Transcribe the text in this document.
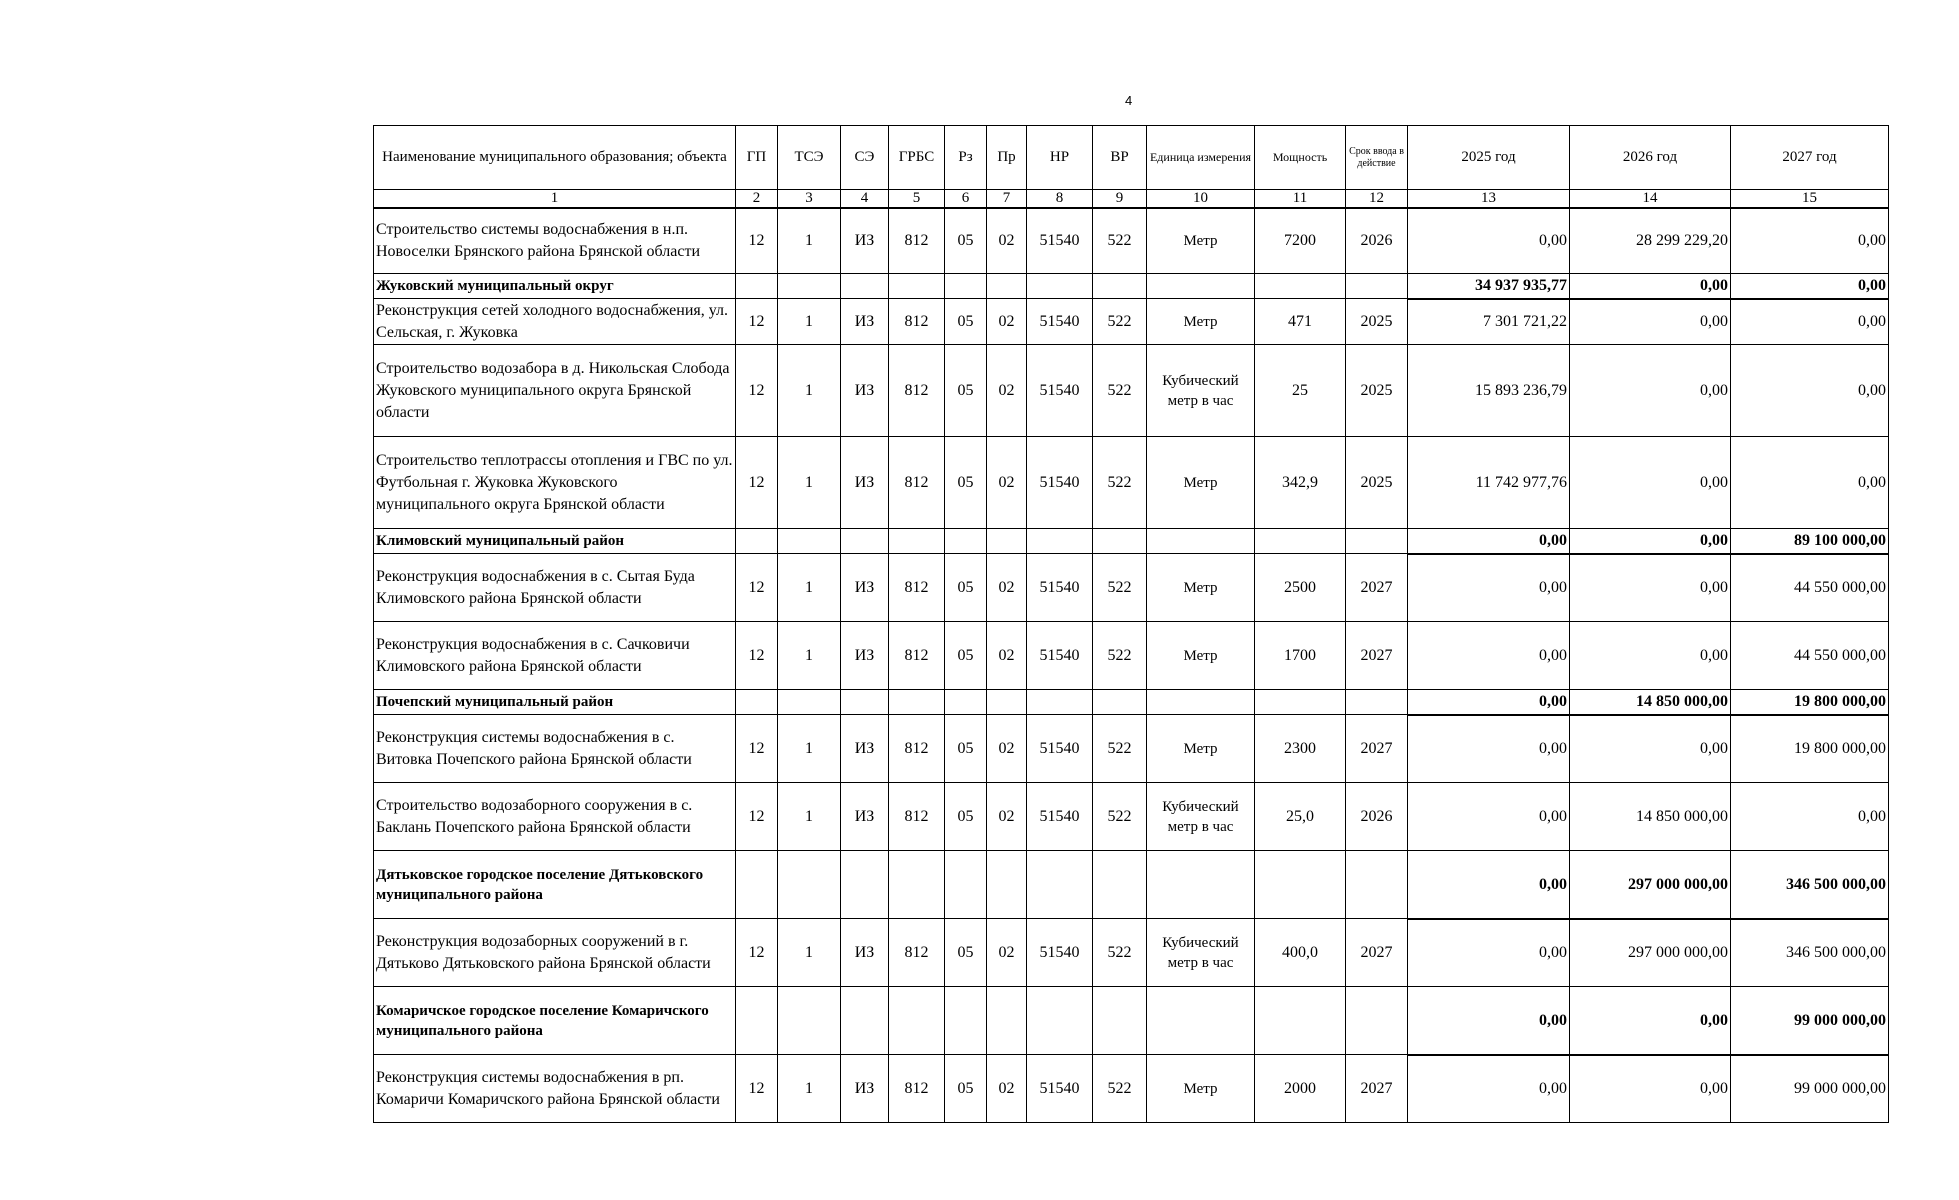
4
Наименование муниципального образования; объекта	ГП	ТСЭ	СЭ	ГРБС	Рз	Пр	НР	ВР	Единица измерения	Мощность	Срок ввода в действие	2025 год	2026 год	2027 год
1	2	3	4	5	6	7	8	9	10	11	12	13	14	15
Строительство системы водоснабжения в н.п. Новоселки Брянского района Брянской области	12	1	ИЗ	812	05	02	51540	522	Метр	7200	2026	0,00	28 299 229,20	0,00
Жуковский муниципальный округ												34 937 935,77	0,00	0,00
Реконструкция сетей холодного водоснабжения, ул. Сельская, г. Жуковка	12	1	ИЗ	812	05	02	51540	522	Метр	471	2025	7 301 721,22	0,00	0,00
Строительство водозабора в д. Никольская Слобода Жуковского муниципального округа Брянской области	12	1	ИЗ	812	05	02	51540	522	Кубический метр в час	25	2025	15 893 236,79	0,00	0,00
Строительство теплотрассы отопления и ГВС по ул. Футбольная г. Жуковка Жуковского муниципального округа Брянской области	12	1	ИЗ	812	05	02	51540	522	Метр	342,9	2025	11 742 977,76	0,00	0,00
Климовский муниципальный район												0,00	0,00	89 100 000,00
Реконструкция водоснабжения в с. Сытая Буда Климовского района Брянской области	12	1	ИЗ	812	05	02	51540	522	Метр	2500	2027	0,00	0,00	44 550 000,00
Реконструкция водоснабжения в с. Сачковичи Климовского района Брянской области	12	1	ИЗ	812	05	02	51540	522	Метр	1700	2027	0,00	0,00	44 550 000,00
Почепский муниципальный район												0,00	14 850 000,00	19 800 000,00
Реконструкция системы водоснабжения в с. Витовка Почепского района Брянской области	12	1	ИЗ	812	05	02	51540	522	Метр	2300	2027	0,00	0,00	19 800 000,00
Строительство водозаборного сооружения в с. Баклань Почепского района Брянской области	12	1	ИЗ	812	05	02	51540	522	Кубический метр в час	25,0	2026	0,00	14 850 000,00	0,00
Дятьковское городское поселение Дятьковского муниципального района												0,00	297 000 000,00	346 500 000,00
Реконструкция водозаборных сооружений в г. Дятьково Дятьковского района Брянской области	12	1	ИЗ	812	05	02	51540	522	Кубический метр в час	400,0	2027	0,00	297 000 000,00	346 500 000,00
Комаричское городское поселение Комаричского муниципального района												0,00	0,00	99 000 000,00
Реконструкция системы водоснабжения в рп. Комаричи Комаричского района Брянской области	12	1	ИЗ	812	05	02	51540	522	Метр	2000	2027	0,00	0,00	99 000 000,00
